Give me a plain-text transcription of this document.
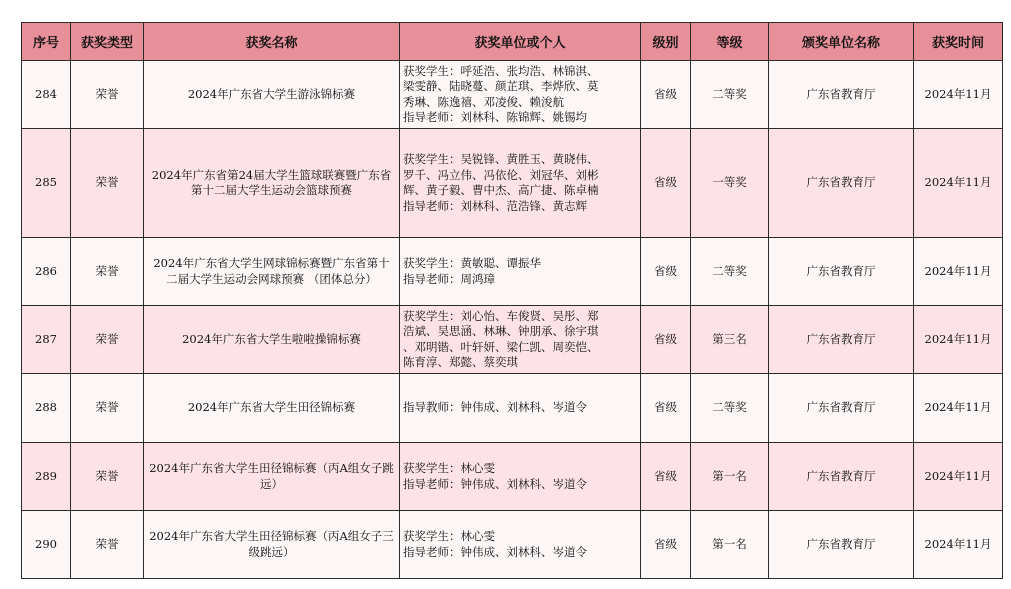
序号	获奖类型	获奖名称	获奖单位或个人	级别	等级	颁奖单位名称	获奖时间
284	荣誉	2024年广东省大学生游泳锦标赛	获奖学生：呼延浩、张均浩、林锦淇、
梁雯静、陆晓蔓、颜芷琪、李烨欣、莫
秀琳、陈逸禧、邓凌俊、赖浚航
指导老师：刘林科、陈锦辉、姚锡均	省级	二等奖	广东省教育厅	2024年11月
285	荣誉	2024年广东省第24届大学生篮球联赛暨广东省第十二届大学生运动会篮球预赛	获奖学生：吴锐锋、黄胜玉、黄晓伟、
罗千、冯立伟、冯依伦、刘冠华、刘彬
辉、黄子毅、曹中杰、高广捷、陈卓楠
指导老师：刘林科、范浩锋、黄志辉	省级	一等奖	广东省教育厅	2024年11月
286	荣誉	2024年广东省大学生网球锦标赛暨广东省第十二届大学生运动会网球预赛 （团体总分）	获奖学生：黄敏聪、谭振华
指导老师：周鸿璋	省级	二等奖	广东省教育厅	2024年11月
287	荣誉	2024年广东省大学生啦啦操锦标赛	获奖学生：刘心怡、车俊贤、吴彤、郑
浩斌、吴思涵、林琳、钟朋承、徐宇琪
、邓明锴、叶轩妍、梁仁凯、周奕恺、
陈育淳、郑懿、蔡奕琪	省级	第三名	广东省教育厅	2024年11月
288	荣誉	2024年广东省大学生田径锦标赛	指导教师：钟伟成、刘林科、岑道令	省级	二等奖	广东省教育厅	2024年11月
289	荣誉	2024年广东省大学生田径锦标赛（丙A组女子跳远）	获奖学生：林心雯
指导老师：钟伟成、刘林科、岑道令	省级	第一名	广东省教育厅	2024年11月
290	荣誉	2024年广东省大学生田径锦标赛（丙A组女子三级跳远）	获奖学生：林心雯
指导老师：钟伟成、刘林科、岑道令	省级	第一名	广东省教育厅	2024年11月
